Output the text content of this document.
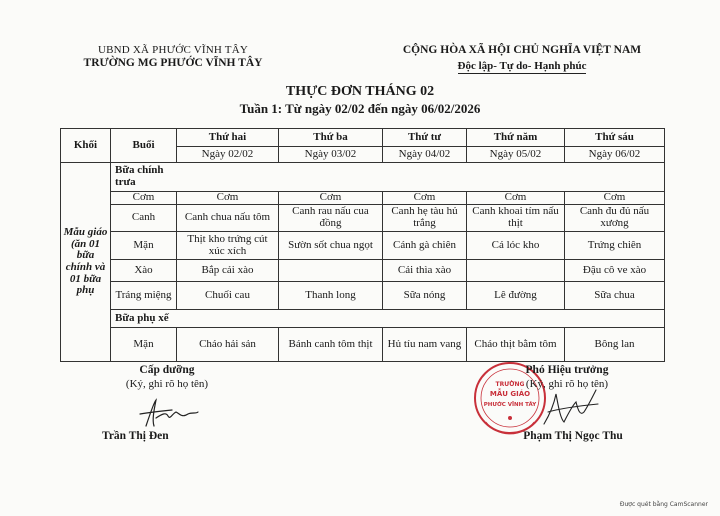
UBND XÃ PHƯỚC VĨNH TÂY
TRƯỜNG MG PHƯỚC VĨNH TÂY
CỘNG HÒA XÃ HỘI CHỦ NGHĨA VIỆT NAM
Độc lập- Tự do- Hạnh phúc
THỰC ĐƠN THÁNG 02
Tuần 1: Từ ngày 02/02 đến ngày 06/02/2026
Khối	Buổi	Thứ hai	Thứ ba	Thứ tư	Thứ năm	Thứ sáu
		Ngày 02/02	Ngày 03/02	Ngày 04/02	Ngày 05/02	Ngày 06/02
Mẫu giáo (ăn 01 bữa chính và 01 bữa phụ	Bữa chính trưa					
	Cơm	Cơm	Cơm	Cơm	Cơm	Cơm
	Canh	Canh chua nấu tôm	Canh rau nấu cua đồng	Canh hẹ tàu hủ trắng	Canh khoai tím nấu thịt	Canh đu đủ nấu xương
	Mặn	Thịt kho trứng cút xúc xích	Sườn sốt chua ngọt	Cánh gà chiên	Cá lóc kho	Trứng chiên
	Xào	Bắp cải xào		Cải thìa xào		Đậu cô ve xào
	Tráng miệng	Chuối cau	Thanh long	Sữa nóng	Lê đường	Sữa chua
	Bữa phụ xế					
	Mặn	Cháo hải sản	Bánh canh tôm thịt	Hủ tíu nam vang	Cháo thịt bằm tôm	Bông lan
Cấp dưỡng
(Ký, ghi rõ họ tên)
Trần Thị Đen
TRƯỜNG
MẪU GIÁO
PHƯỚC VĨNH TÂY
Phó Hiệu trưởng
(Ký, ghi rõ họ tên)
Phạm Thị Ngọc Thu
Được quét bằng CamScanner
